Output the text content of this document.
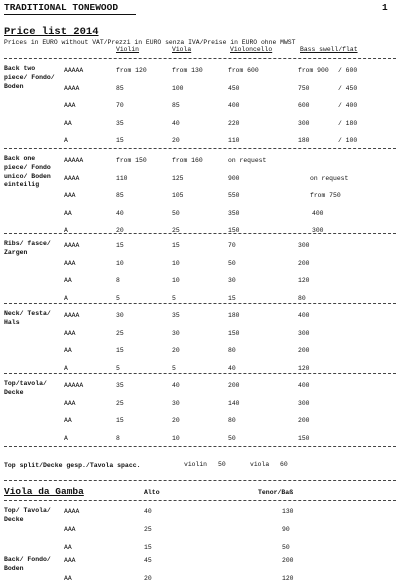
TRADITIONAL TONEWOOD	1
Price list 2014
Prices in EURO without VAT/Prezzi in EURO senza IVA/Preise in EURO ohne MWST
Violin	Viola	Violoncello	Bass swell/flat
Back two piece/ Fondo/ Boden
AAAAA	from 120	from 130	from 600	from 900 / 600
AAAA	85	100	450	750	/ 450
AAA	70	85	400	600	/ 400
AA	35	40	220	300	/ 180
A	15	20	110	180	/ 100
Back one piece/ Fondo unico/ Boden einteilig
AAAAA	from 150	from 160	on request
AAAA	110	125	900	on request
AAA	85	105	550	from 750
AA	40	50	350	400
A	20	25	150	300
Ribs/ fasce/ Zargen
AAAA	15	15	70	300
AAA	10	10	50	200
AA	8	10	30	120
A	5	5	15	80
Neck/ Testa/ Hals
AAAA	30	35	180	400
AAA	25	30	150	300
AA	15	20	80	200
A	5	5	40	120
Top/tavola/ Decke
AAAAA	35	40	200	400
AAA	25	30	140	300
AA	15	20	80	200
A	8	10	50	150
Top split/Decke gesp./Tavola spacc.	violin 50	viola 60
Viola da Gamba	Alto	Tenor/Baß
Top/ Tavola/ Decke
AAAA	40	130
AAA	25	90
AA	15	50
Back/ Fondo/ Boden
AAA	45	200
AA	20	120
